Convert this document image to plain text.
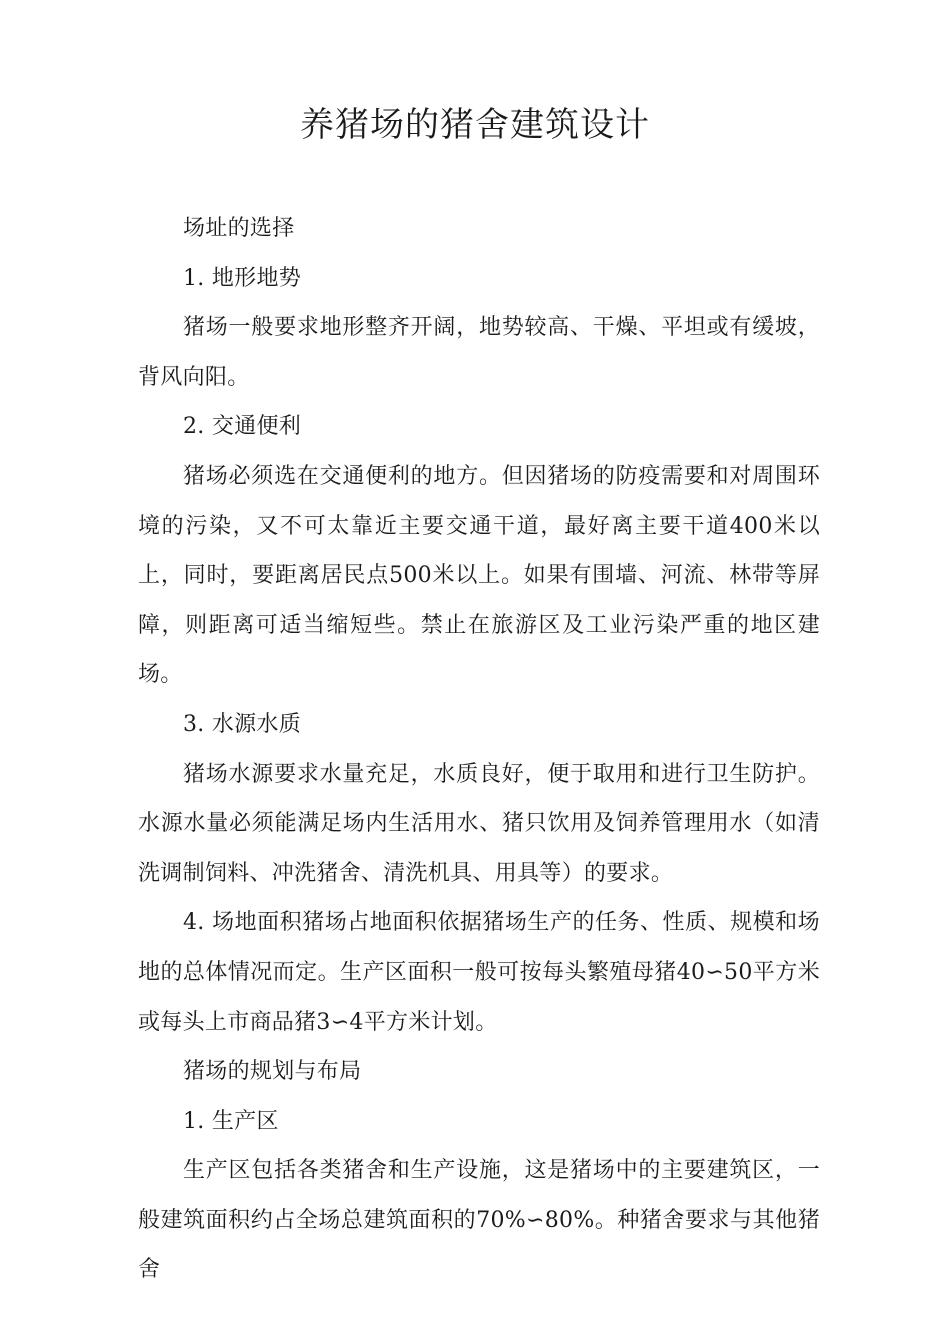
养猪场的猪舍建筑设计

场址的选择

1. 地形地势

猪场一般要求地形整齐开阔，地势较高、干燥、平坦或有缓坡，背风向阳。

2. 交通便利

猪场必须选在交通便利的地方。但因猪场的防疫需要和对周围环境的污染，又不可太靠近主要交通干道，最好离主要干道400米以上，同时，要距离居民点500米以上。如果有围墙、河流、林带等屏障，则距离可适当缩短些。禁止在旅游区及工业污染严重的地区建场。

3. 水源水质

猪场水源要求水量充足，水质良好，便于取用和进行卫生防护。水源水量必须能满足场内生活用水、猪只饮用及饲养管理用水（如清洗调制饲料、冲洗猪舍、清洗机具、用具等）的要求。

4. 场地面积猪场占地面积依据猪场生产的任务、性质、规模和场地的总体情况而定。生产区面积一般可按每头繁殖母猪40∽50平方米或每头上市商品猪3∽4平方米计划。

猪场的规划与布局

1. 生产区

生产区包括各类猪舍和生产设施，这是猪场中的主要建筑区，一般建筑面积约占全场总建筑面积的70%∽80%。种猪舍要求与其他猪舍
